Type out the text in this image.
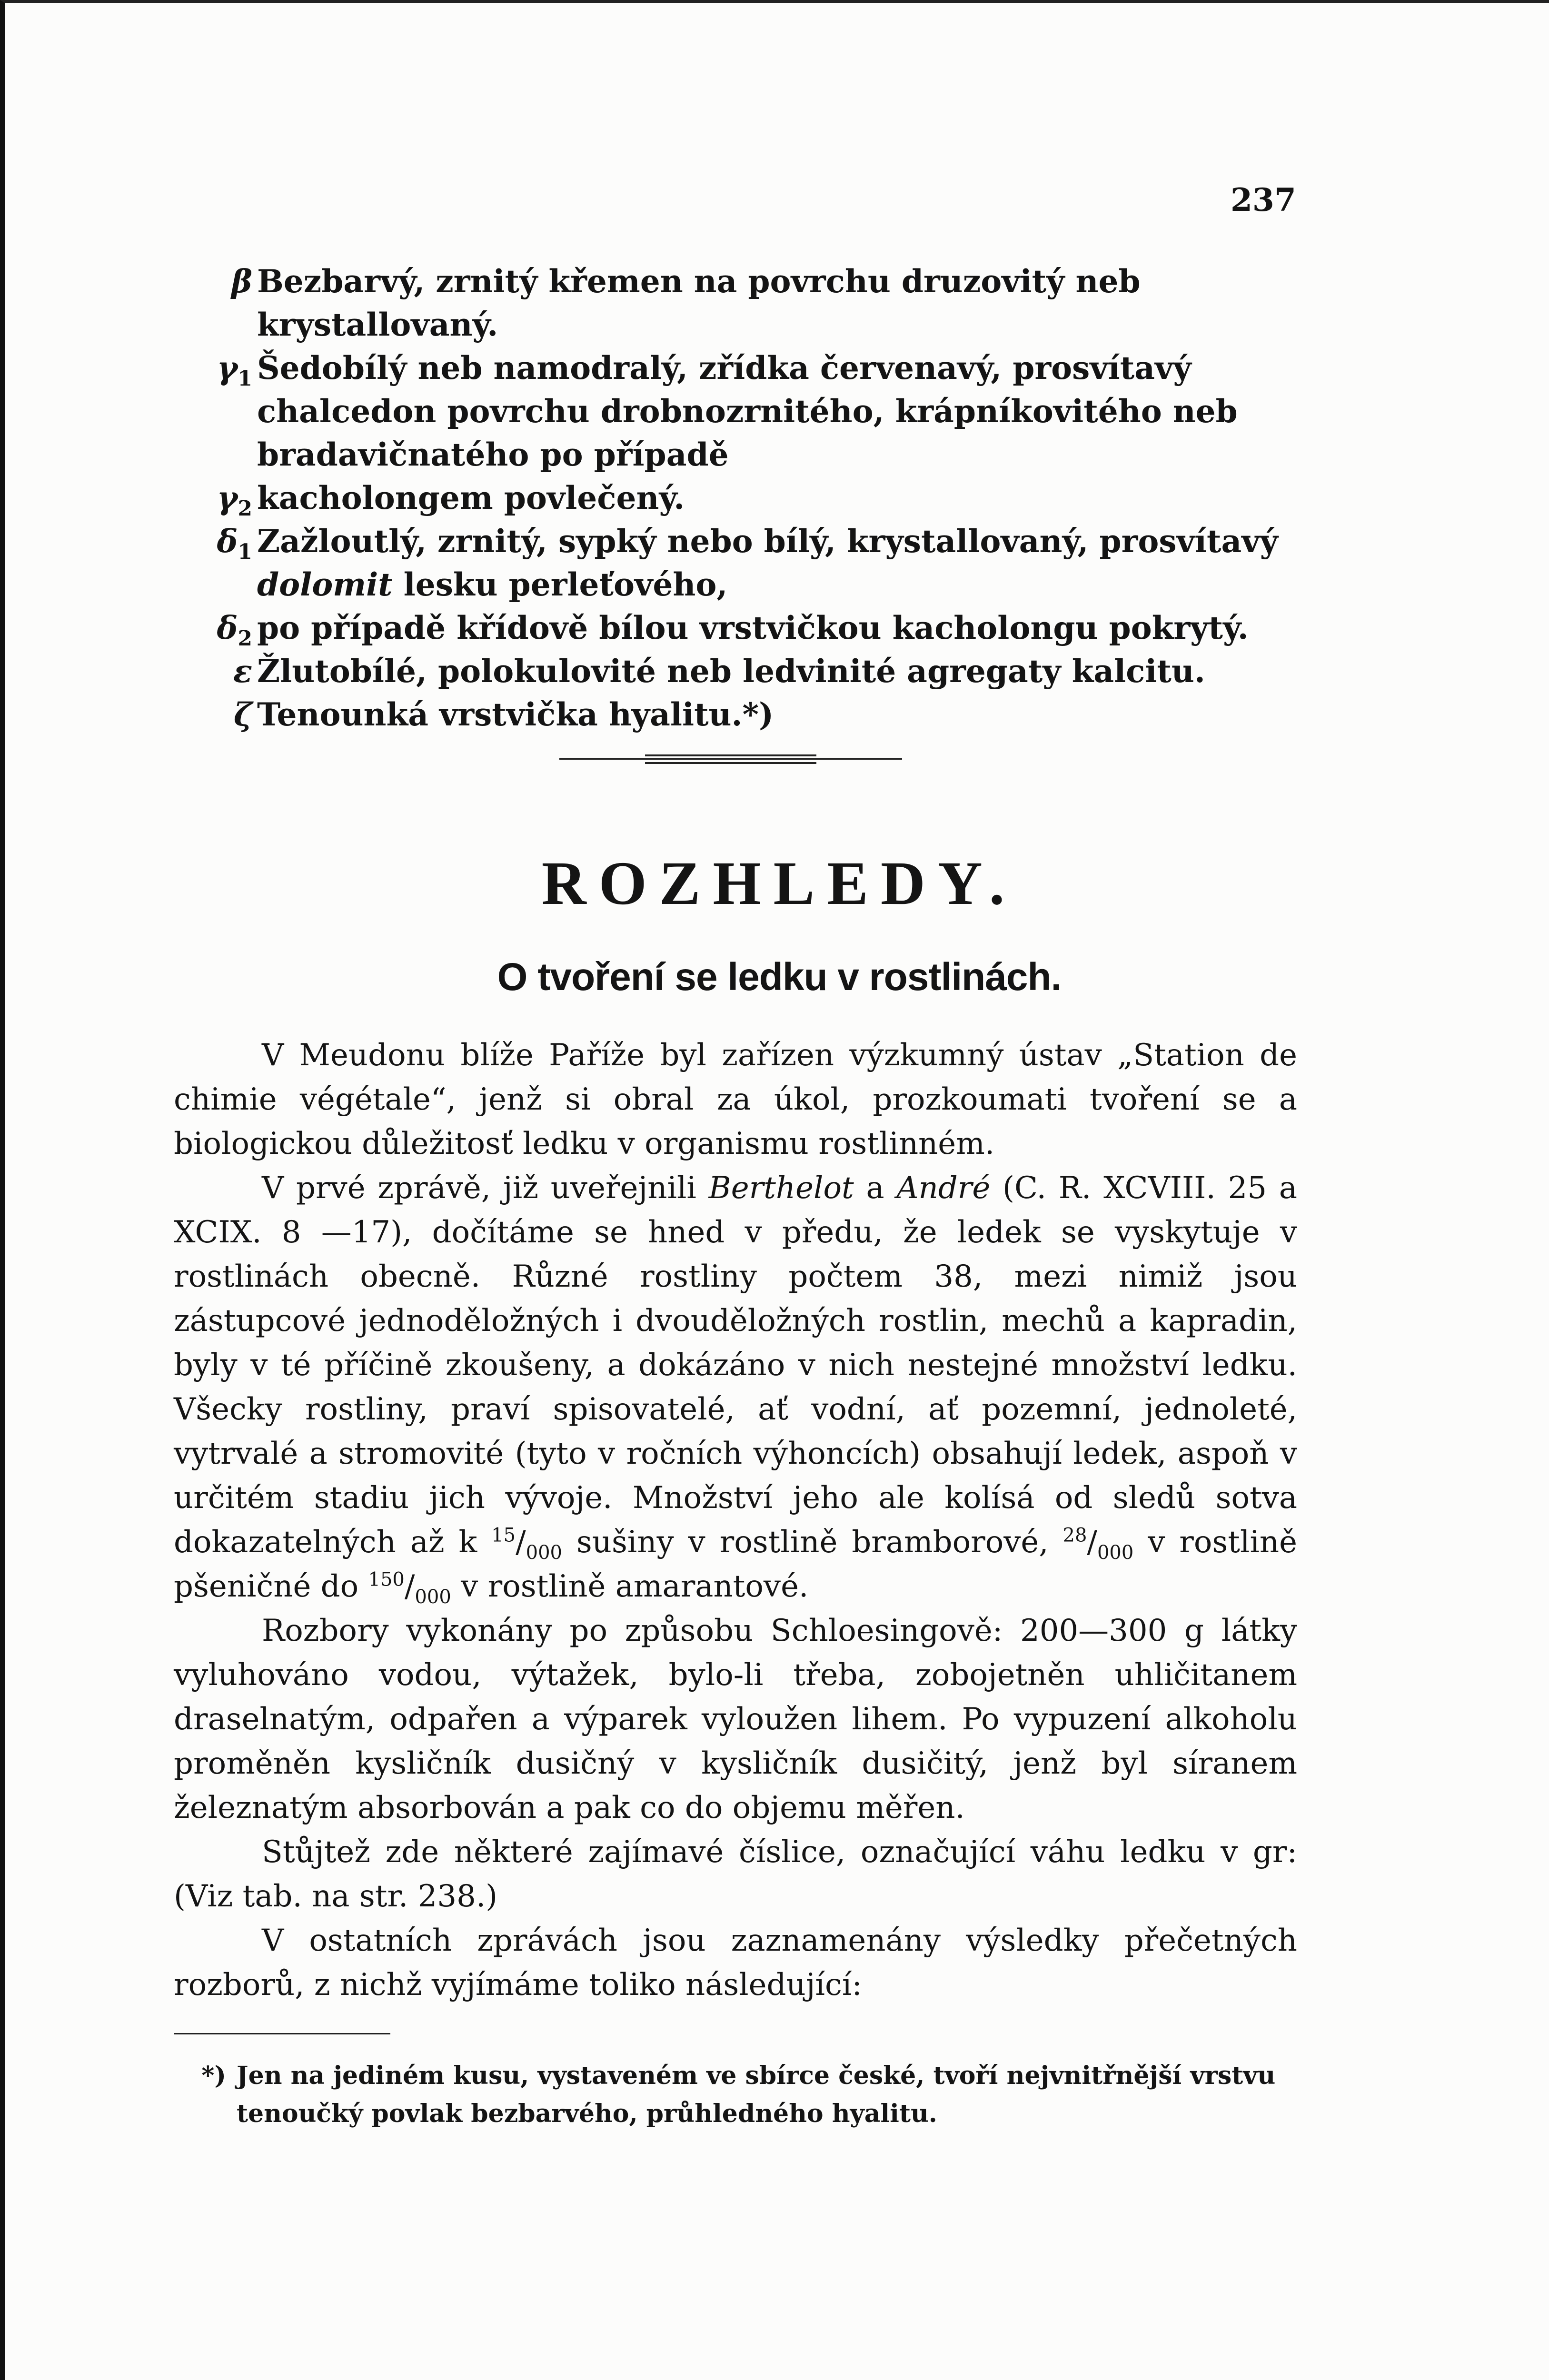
237
β Bezbarvý, zrnitý křemen na povrchu druzovitý neb krystallovaný.
$\gamma_1$ Šedobílý neb namodralý, zřídka červenavý, prosvítavý chalcedon povrchu drobnozrnitého, krápníkovitého neb bradavičnatého po případě
$\gamma_2$ kacholongem povlečený.
$\delta_1$ Zažloutlý, zrnitý, sypký nebo bílý, krystallovaný, prosvítavý dolomit lesku perleťového,
$\delta_2$ po případě křídově bílou vrstvičkou kacholongu pokrytý.
ε Žlutobílé, polokulovité neb ledvinité agregaty kalcitu.
ζ Tenounká vrstvička hyalitu.*)
ROZHLEDY.
O tvoření se ledku v rostlinách.

V Meudonu blíže Paříže byl zařízen výzkumný ústav „Station de chimie végétale“, jenž si obral za úkol, prozkoumati tvoření se a biologickou důležitosť ledku v organismu rostlinném.

V prvé zprávě, již uveřejnili Berthelot a André (C. R. XCVIII. 25 a XCIX. 8 —17), dočítáme se hned v předu, že ledek se vyskytuje v rostlinách obecně. Různé rostliny počtem 38, mezi nimiž jsou zástupcové jednoděložných i dvouděložných rostlin, mechů a kapradin, byly v té příčině zkoušeny, a dokázáno v nich nestejné množství ledku. Všecky rostliny, praví spisovatelé, ať vodní, ať pozemní, jednoleté, vytrvalé a stromovité (tyto v ročních výhoncích) obsahují ledek, aspoň v určitém stadiu jich vývoje. Množství jeho ale kolísá od sledů sotva dokazatelných až k $^{15}/_{000}$ sušiny v rostlině bramborové, $^{28}/_{000}$ v rostlině pšeničné do $^{150}/_{000}$ v rostlině amarantové.

Rozbory vykonány po způsobu Schloesingově: 200—300 g látky vyluhováno vodou, výtažek, bylo-li třeba, zobojetněn uhličitanem draselnatým, odpařen a výparek vyloužen lihem. Po vypuzení alkoholu proměněn kysličník dusičný v kysličník dusičitý, jenž byl síranem železnatým absorbován a pak co do objemu měřen.

Stůjtež zde některé zajímavé číslice, označující váhu ledku v gr: (Viz tab. na str. 238.)

V ostatních zprávách jsou zaznamenány výsledky přečetných rozborů, z nichž vyjímáme toliko následující:

*) Jen na jediném kusu, vystaveném ve sbírce české, tvoří nejvnitřnější vrstvu
tenoučký povlak bezbarvého, průhledného hyalitu.
